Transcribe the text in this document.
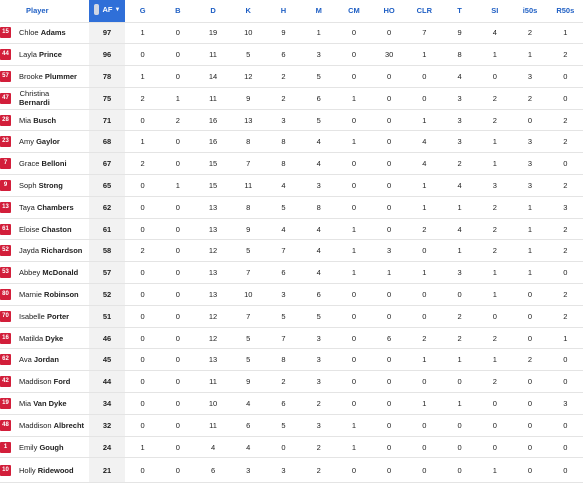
Player	AF ▼	G	B	D	K	H	M	CM	HO	CLR	T	SI	i50s	R50s

15 Chloe Adams	97	1	0	19	10	9	1	0	0	7	9	4	2	1

44 Layla Prince	96	0	0	11	5	6	3	0	30	1	8	1	1	2

57 Brooke Plummer	78	1	0	14	12	2	5	0	0	0	4	0	3	0

47 Christina
Bernardi	75	2	1	11	9	2	6	1	0	0	3	2	2	0

28 Mia Busch	71	0	2	16	13	3	5	0	0	1	3	2	0	2

23 Amy Gaylor	68	1	0	16	8	8	4	1	0	4	3	1	3	2

7 Grace Belloni	67	2	0	15	7	8	4	0	0	4	2	1	3	0

9 Soph Strong	65	0	1	15	11	4	3	0	0	1	4	3	3	2

13 Taya Chambers	62	0	0	13	8	5	8	0	0	1	1	2	1	3

61 Eloise Chaston	61	0	0	13	9	4	4	1	0	2	4	2	1	2

52 Jayda Richardson	58	2	0	12	5	7	4	1	3	0	1	2	1	2

53 Abbey McDonald	57	0	0	13	7	6	4	1	1	1	3	1	1	0

80 Marnie Robinson	52	0	0	13	10	3	6	0	0	0	0	1	0	2

70 Isabelle Porter	51	0	0	12	7	5	5	0	0	0	2	0	0	2

16 Matilda Dyke	46	0	0	12	5	7	3	0	6	2	2	2	0	1

62 Ava Jordan	45	0	0	13	5	8	3	0	0	1	1	1	2	0

42 Maddison Ford	44	0	0	11	9	2	3	0	0	0	0	2	0	0

19 Mia Van Dyke	34	0	0	10	4	6	2	0	0	1	1	0	0	3

48 Maddison Albrecht	32	0	0	11	6	5	3	1	0	0	0	0	0	0

1 Emily Gough	24	1	0	4	4	0	2	1	0	0	0	0	0	0

10 Holly Ridewood	21	0	0	6	3	3	2	0	0	0	0	1	0	0
